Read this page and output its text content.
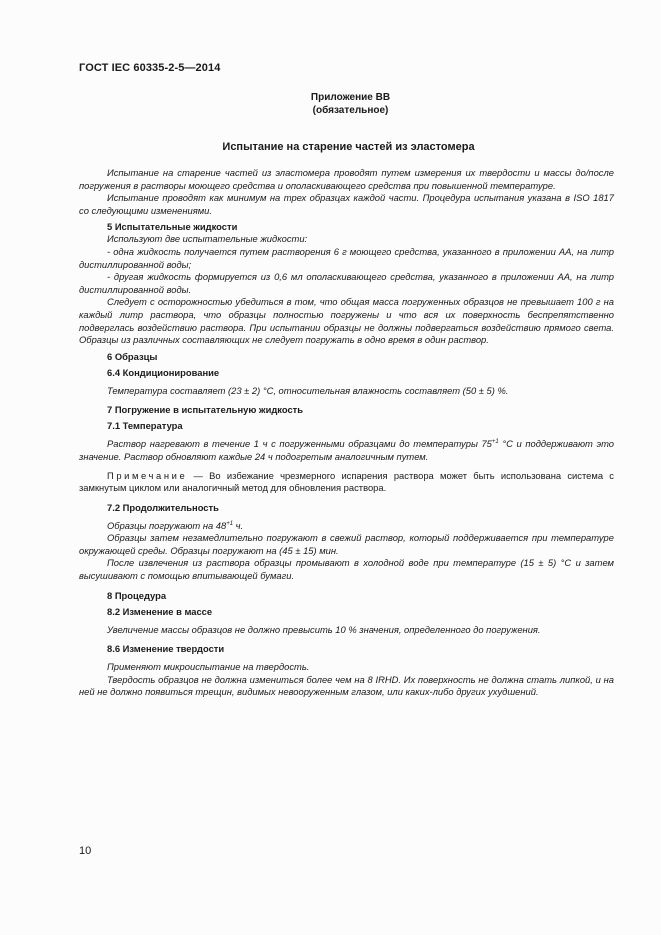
ГОСТ IEC 60335-2-5—2014
Приложение ВВ
(обязательное)
Испытание на старение частей из эластомера

Испытание на старение частей из эластомера проводят путем измерения их твердости и массы до/после погружения в растворы моющего средства и ополаскивающего средства при повышенной температуре.

Испытание проводят как минимум на трех образцах каждой части. Процедура испытания указана в ISO 1817 со следующими изменениями.

5 Испытательные жидкости

Используют две испытательные жидкости:

- одна жидкость получается путем растворения 6 г моющего средства, указанного в приложении АА, на литр дистиллированной воды;

- другая жидкость формируется из 0,6 мл ополаскивающего средства, указанного в приложении АА, на литр дистиллированной воды.

Следует с осторожностью убедиться в том, что общая масса погруженных образцов не превышает 100 г на каждый литр раствора, что образцы полностью погружены и что вся их поверхность беспрепятственно подверглась воздействию раствора. При испытании образцы не должны подвергаться воздействию прямого света. Образцы из различных составляющих не следует погружать в одно время в один раствор.

6 Образцы
6.4 Кондиционирование

Температура составляет (23 ± 2) °С, относительная влажность составляет (50 ± 5) %.

7 Погружение в испытательную жидкость
7.1 Температура

Раствор нагревают в течение 1 ч с погруженными образцами до температуры $75^{+1}$ °С и поддерживают это значение. Раствор обновляют каждые 24 ч подогретым аналогичным путем.

Примечание — Во избежание чрезмерного испарения раствора может быть использована система с замкнутым циклом или аналогичный метод для обновления раствора.

7.2 Продолжительность

Образцы погружают на $48^{+1}$ ч.

Образцы затем незамедлительно погружают в свежий раствор, который поддерживается при температуре окружающей среды. Образцы погружают на (45 ± 15) мин.

После извлечения из раствора образцы промывают в холодной воде при температуре (15 ± 5) °С и затем высушивают с помощью впитывающей бумаги.

8 Процедура
8.2 Изменение в массе

Увеличение массы образцов не должно превысить 10 % значения, определенного до погружения.

8.6 Изменение твердости

Применяют микроиспытание на твердость.

Твердость образцов не должна измениться более чем на 8 IRHD. Их поверхность не должна стать липкой, и на ней не должно появиться трещин, видимых невооруженным глазом, или каких-либо других ухудшений.

10
